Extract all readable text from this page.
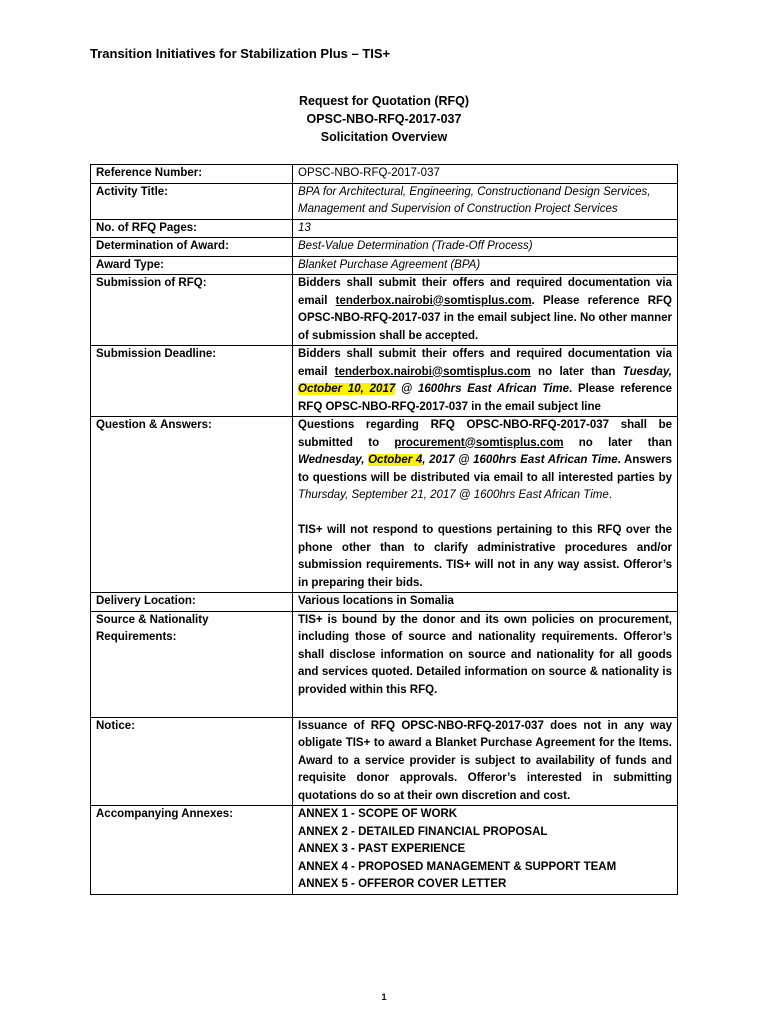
Transition Initiatives for Stabilization Plus – TIS+
Request for Quotation (RFQ)
OPSC-NBO-RFQ-2017-037
Solicitation Overview
Reference Number:	OPSC-NBO-RFQ-2017-037
Activity Title:	BPA for Architectural, Engineering, Constructionand Design Services, Management and Supervision of Construction Project Services
No. of RFQ Pages:	13
Determination of Award:	Best-Value Determination (Trade-Off Process)
Award Type:	Blanket Purchase Agreement (BPA)
Submission of RFQ:	Bidders shall submit their offers and required documentation via email tenderbox.nairobi@somtisplus.com. Please reference RFQ OPSC-NBO-RFQ-2017-037 in the email subject line. No other manner of submission shall be accepted.
Submission Deadline:	Bidders shall submit their offers and required documentation via email tenderbox.nairobi@somtisplus.com no later than Tuesday, October 10, 2017 @ 1600hrs East African Time. Please reference RFQ OPSC-NBO-RFQ-2017-037 in the email subject line
Question & Answers:	Questions regarding RFQ OPSC-NBO-RFQ-2017-037 shall be submitted to procurement@somtisplus.com no later than Wednesday, October 4, 2017 @ 1600hrs East African Time. Answers to questions will be distributed via email to all interested parties by Thursday, September 21, 2017 @ 1600hrs East African Time.
TIS+ will not respond to questions pertaining to this RFQ over the phone other than to clarify administrative procedures and/or submission requirements. TIS+ will not in any way assist. Offeror’s in preparing their bids.

Delivery Location:	Various locations in Somalia
Source & Nationality Requirements:	TIS+ is bound by the donor and its own policies on procurement, including those of source and nationality requirements. Offeror’s shall disclose information on source and nationality for all goods and services quoted. Detailed information on source & nationality is provided within this RFQ.

Notice:	Issuance of RFQ OPSC-NBO-RFQ-2017-037 does not in any way obligate TIS+ to award a Blanket Purchase Agreement for the Items. Award to a service provider is subject to availability of funds and requisite donor approvals. Offeror’s interested in submitting quotations do so at their own discretion and cost.
Accompanying Annexes:	ANNEX 1 - SCOPE OF WORK
ANNEX 2 - DETAILED FINANCIAL PROPOSAL
ANNEX 3 - PAST EXPERIENCE
ANNEX 4 - PROPOSED MANAGEMENT & SUPPORT TEAM
ANNEX 5 - OFFEROR COVER LETTER
1
